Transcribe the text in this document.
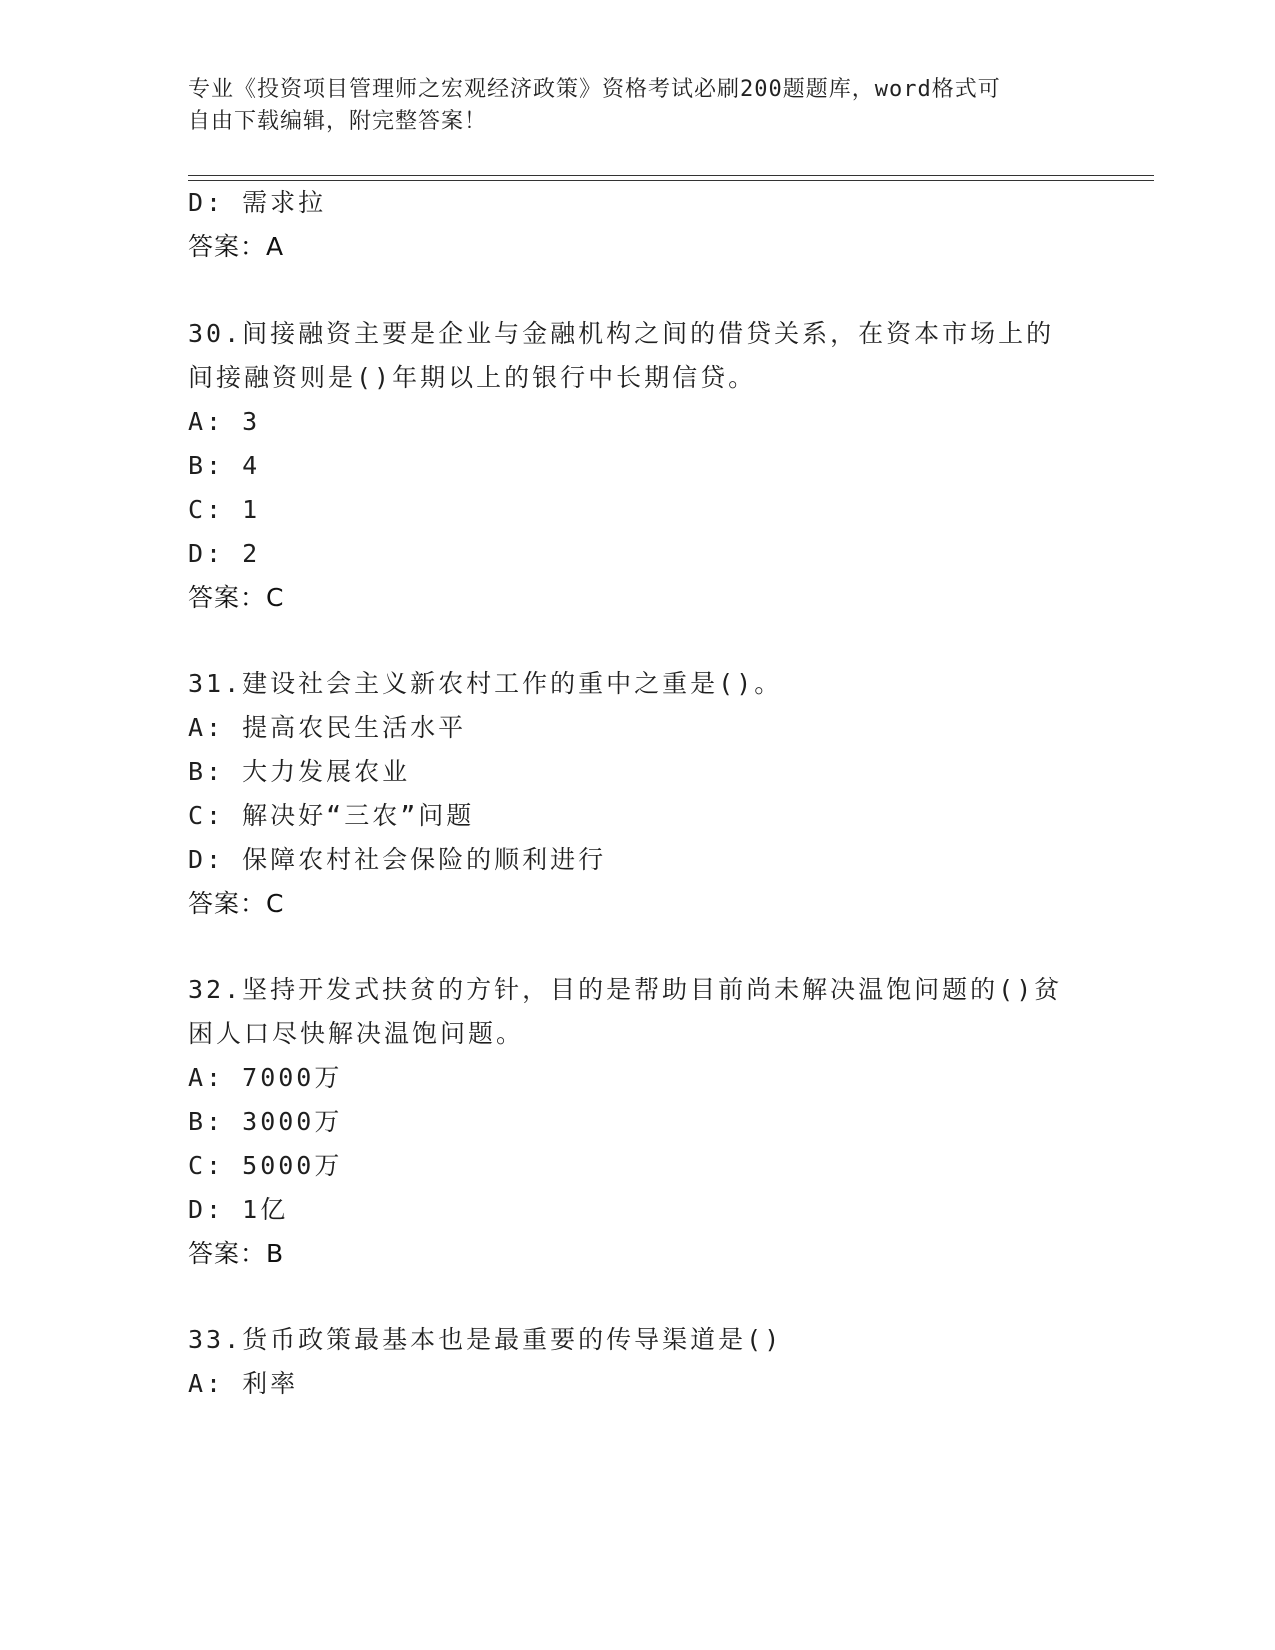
专业《投资项目管理师之宏观经济政策》资格考试必刷200题题库，word格式可
自由下载编辑，附完整答案！
D: 需求拉
答案：A
30.间接融资主要是企业与金融机构之间的借贷关系，在资本市场上的
间接融资则是()年期以上的银行中长期信贷。
A: 3
B: 4
C: 1
D: 2
答案：C
31.建设社会主义新农村工作的重中之重是()。
A: 提高农民生活水平
B: 大力发展农业
C: 解决好“三农”问题
D: 保障农村社会保险的顺利进行
答案：C
32.坚持开发式扶贫的方针，目的是帮助目前尚未解决温饱问题的()贫
困人口尽快解决温饱问题。
A: 7000万
B: 3000万
C: 5000万
D: 1亿
答案：B
33.货币政策最基本也是最重要的传导渠道是()
A: 利率
